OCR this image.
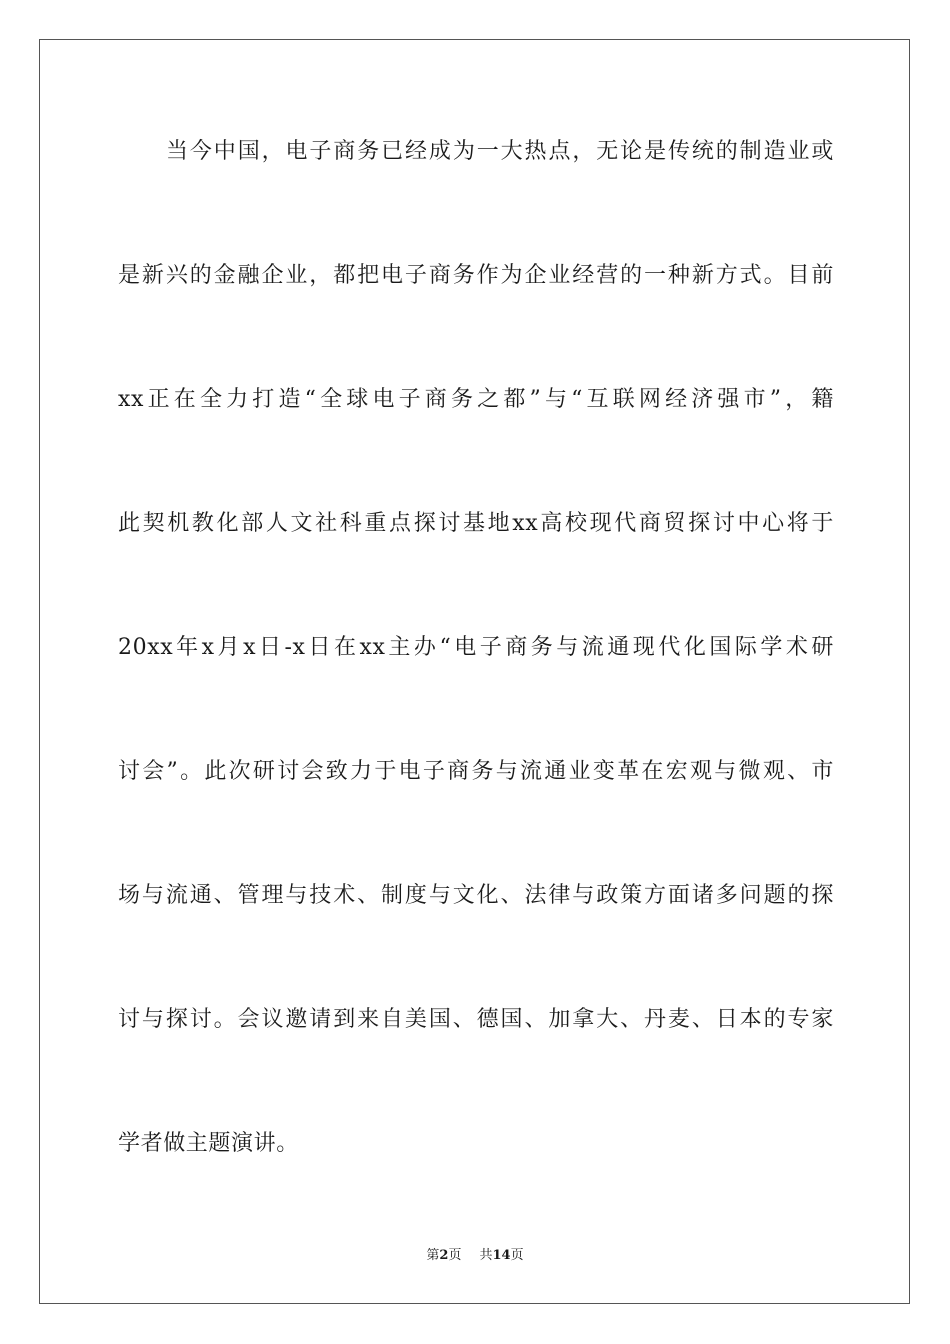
当今中国，电子商务已经成为一大热点，无论是传统的制造业或
是新兴的金融企业，都把电子商务作为企业经营的一种新方式。目前
xx正在全力打造“全球电子商务之都”与“互联网经济强市”，籍
此契机教化部人文社科重点探讨基地xx高校现代商贸探讨中心将于
20xx年x月x日-x日在xx主办“电子商务与流通现代化国际学术研
讨会”。此次研讨会致力于电子商务与流通业变革在宏观与微观、市
场与流通、管理与技术、制度与文化、法律与政策方面诸多问题的探
讨与探讨。会议邀请到来自美国、德国、加拿大、丹麦、日本的专家
学者做主题演讲。
第2页 共14页
